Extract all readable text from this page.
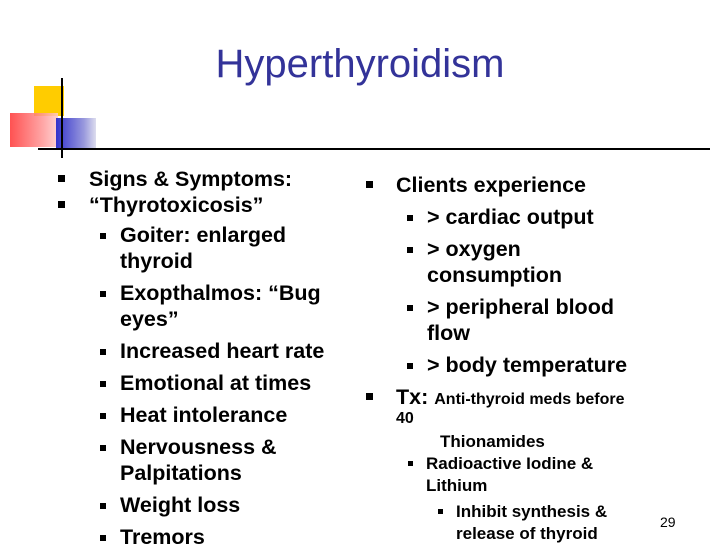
Hyperthyroidism
Signs & Symptoms:
“Thyrotoxicosis”
Goiter: enlarged
thyroid
Exopthalmos: “Bug
eyes”
Increased heart rate
Emotional at times
Heat intolerance
Nervousness &
Palpitations
Weight loss
Tremors
Clients experience
> cardiac output
> oxygen
consumption
> peripheral blood
flow
> body temperature
Tx: Anti-thyroid meds before
40
Thionamides
Radioactive Iodine &
Lithium
Inhibit synthesis &
release of thyroid
29
